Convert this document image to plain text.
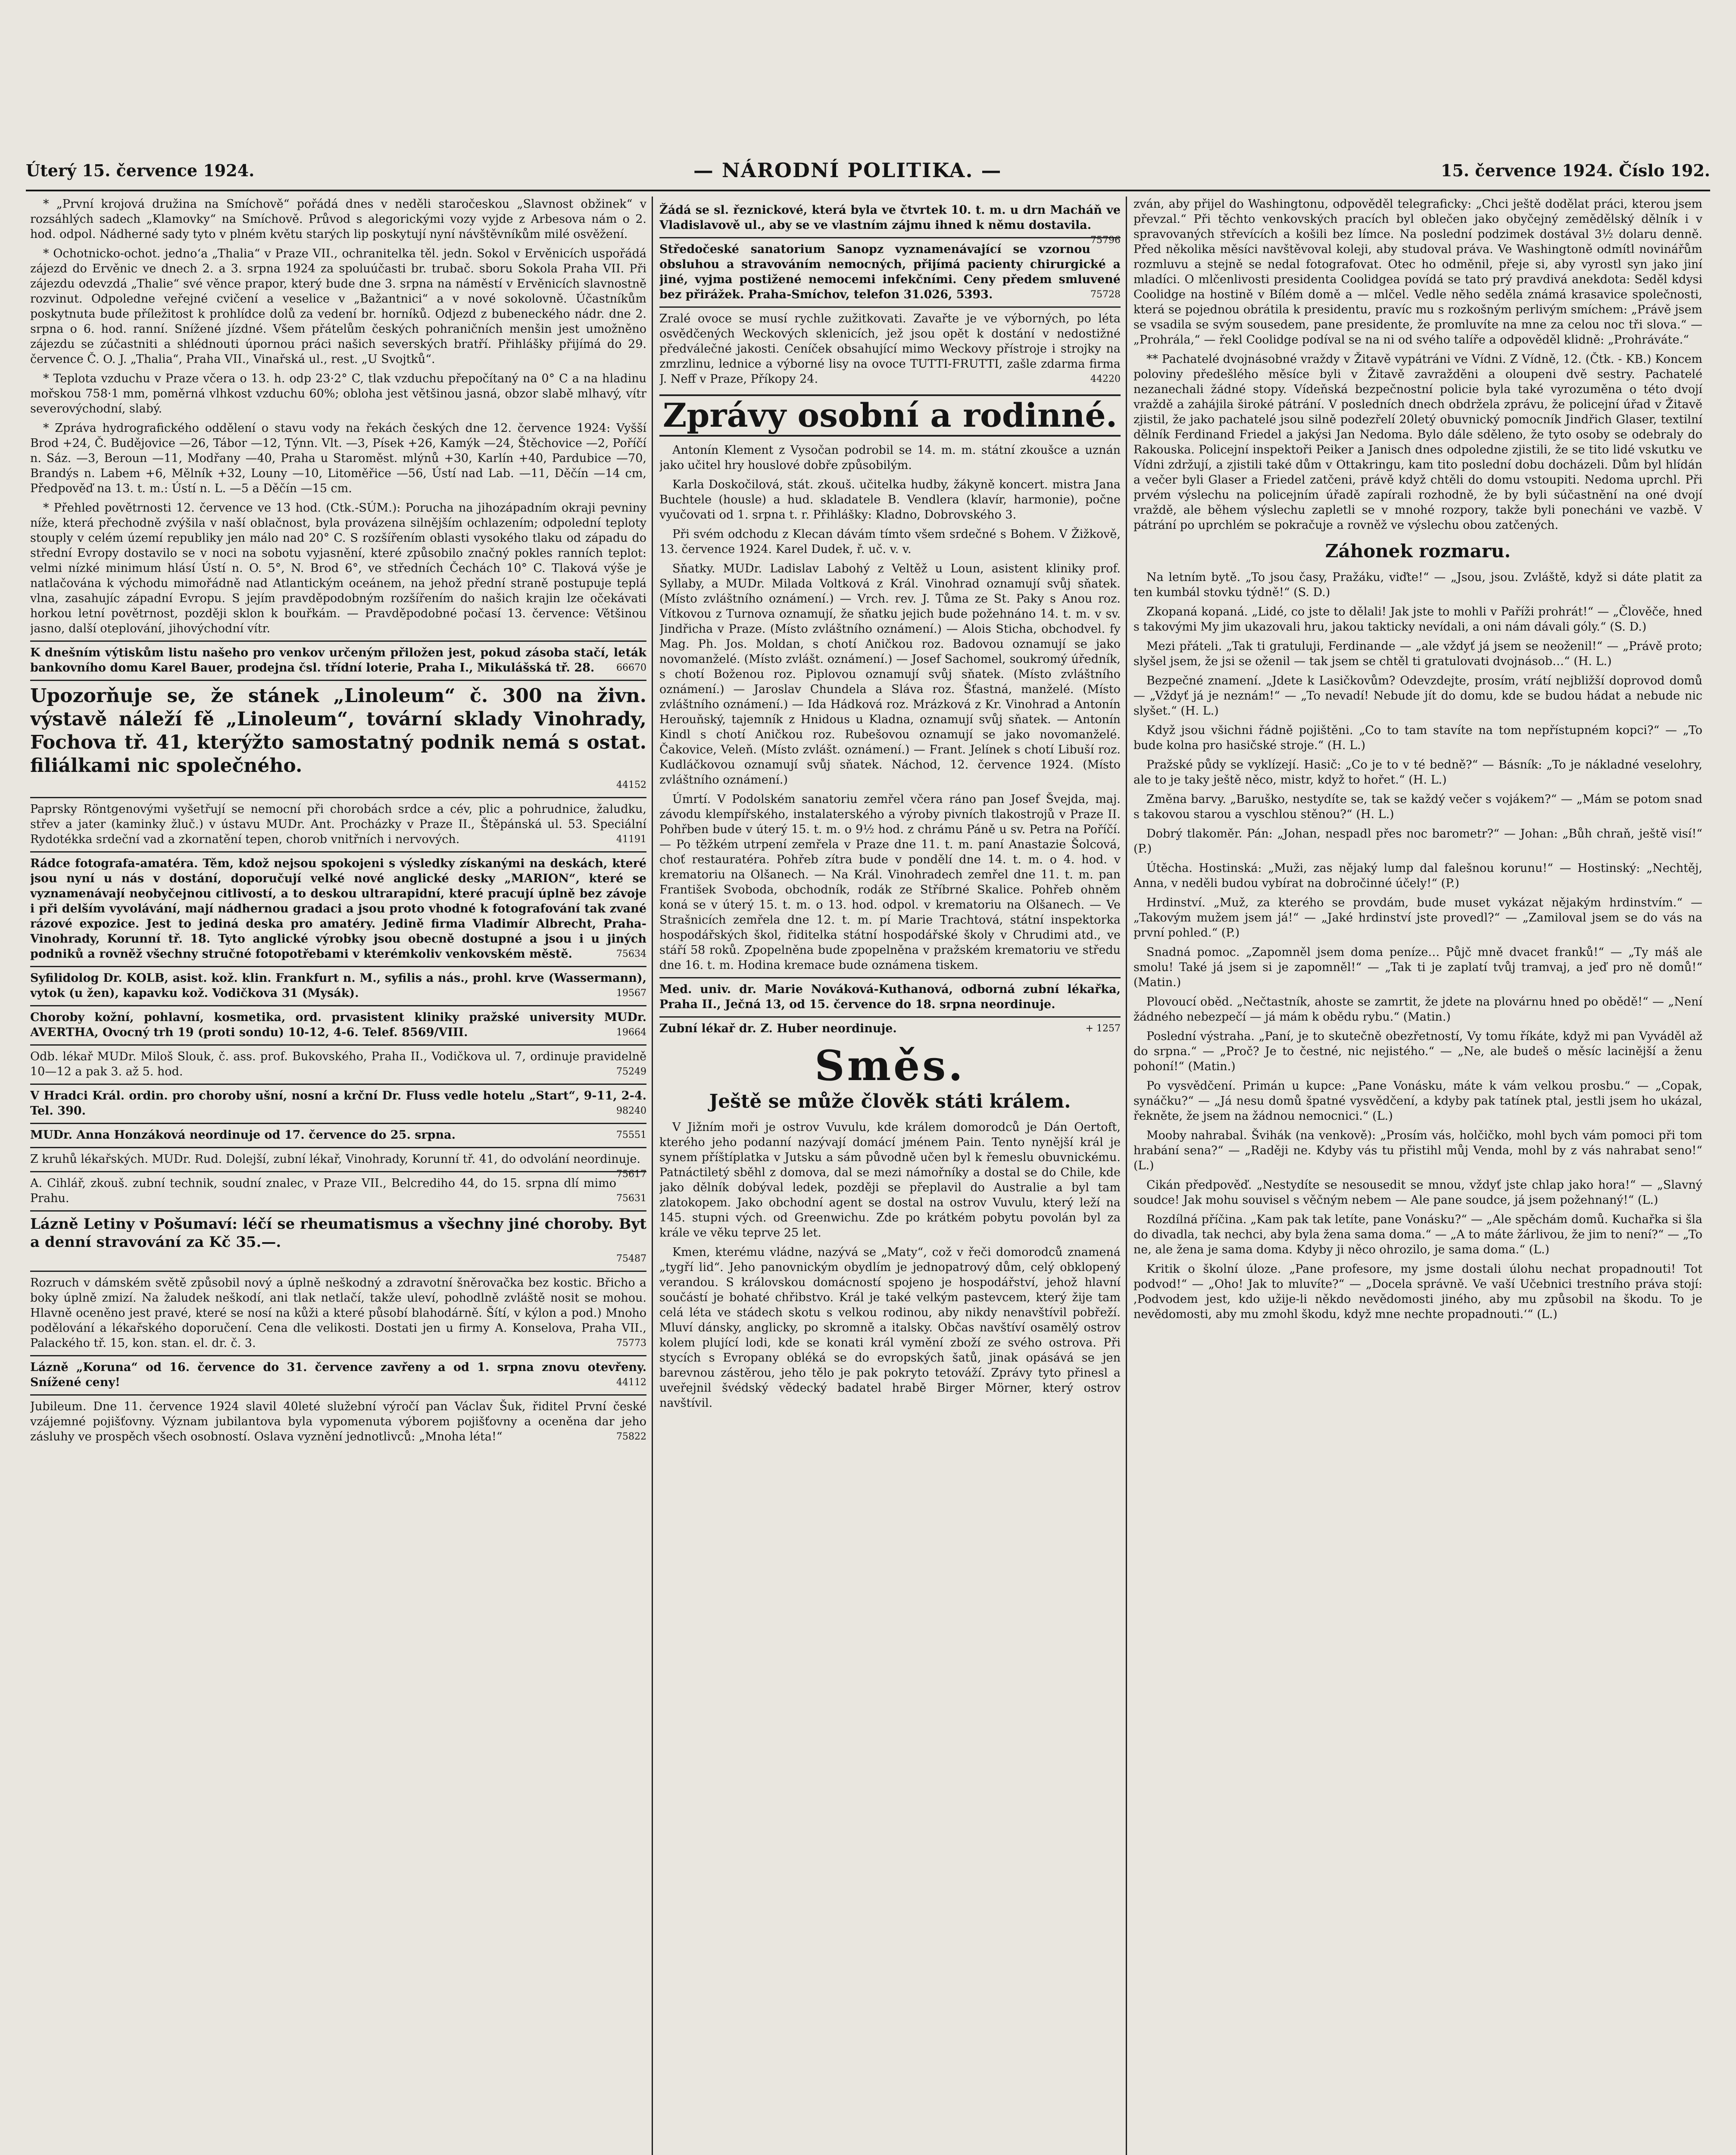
Úterý 15. července 1924.	— NÁRODNÍ POLITIKA. —	15. července 1924. Číslo 192.

* „První krojová družina na Smíchově“ pořádá dnes v neděli staročeskou „Slavnost obžinek“ v rozsáhlých sadech „Klamovky“ na Smíchově. Průvod s alegorickými vozy vyjde z Arbesova nám o 2. hod. odpol. Nádherné sady tyto v plném květu starých lip poskytují nyní návštěvníkům milé osvěžení.

* Ochotnicko-ochot. jedno‘a „Thalia“ v Praze VII., ochranitelka těl. jedn. Sokol v Ervěnicích uspořádá zájezd do Ervěnic ve dnech 2. a 3. srpna 1924 za spoluúčasti br. trubač. sboru Sokola Praha VII. Při zájezdu odevzdá „Thalie“ své věnce prapor, který bude dne 3. srpna na náměstí v Ervěnicích slavnostně rozvinut. Odpoledne veřejné cvičení a veselice v „Bažantnici“ a v nové sokolovně. Účastníkům poskytnuta bude příležitost k prohlídce dolů za vedení br. horníků. Odjezd z bubeneckého nádr. dne 2. srpna o 6. hod. ranní. Snížené jízdné. Všem přátelům českých pohraničních menšin jest umožněno zájezdu se zúčastniti a shlédnouti úpornou práci našich severských bratří. Přihlášky přijímá do 29. července Č. O. J. „Thalia“, Praha VII., Vinařská ul., rest. „U Svojtků“.

* Teplota vzduchu v Praze včera o 13. h. odp 23·2° C, tlak vzduchu přepočítaný na 0° C a na hladinu mořskou 758·1 mm, poměrná vlhkost vzduchu 60%; obloha jest většinou jasná, obzor slabě mlhavý, vítr severovýchodní, slabý.

* Zpráva hydrografického oddělení o stavu vody na řekách českých dne 12. července 1924: Vyšší Brod +24, Č. Budějovice —26, Tábor —12, Týnn. Vlt. —3, Písek +26, Kamýk —24, Štěchovice —2, Poříčí n. Sáz. —3, Beroun —11, Modřany —40, Praha u Staroměst. mlýnů +30, Karlín +40, Pardubice —70, Brandýs n. Labem +6, Mělník +32, Louny —10, Litoměřice —56, Ústí nad Lab. —11, Děčín —14 cm, Předpověď na 13. t. m.: Ústí n. L. —5 a Děčín —15 cm.

* Přehled povětrnosti 12. července ve 13 hod. (Ctk.-SÚM.): Porucha na jihozápadním okraji pevniny níže, která přechodně zvýšila v naší oblačnost, byla provázena silnějším ochlazením; odpolední teploty stouply v celém území republiky jen málo nad 20° C. S rozšířením oblasti vysokého tlaku od západu do střední Evropy dostavilo se v noci na sobotu vyjasnění, které způsobilo značný pokles ranních teplot: velmi nízké minimum hlásí Ústí n. O. 5°, N. Brod 6°, ve středních Čechách 10° C. Tlaková výše je natlačována k východu mimořádně nad Atlantickým oceánem, na jehož přední straně postupuje teplá vlna, zasahujíc západní Evropu. S jejím pravděpodobným rozšířením do našich krajin lze očekávati horkou letní povětrnost, později sklon k bouřkám. — Pravděpodobné počasí 13. července: Většinou jasno, další oteplování, jihovýchodní vítr.

K dnešním výtiskům listu našeho pro venkov určeným přiložen jest, pokud zásoba stačí, leták bankovního domu Karel Bauer, prodejna čsl. třídní loterie, Praha I., Mikulášská tř. 28. 66670
Upozorňuje se, že stánek „Linoleum“ č. 300 na živn. výstavě náleží fě „Linoleum“, tovární sklady Vinohrady, Fochova tř. 41, kterýžto samostatný podnik nemá s ostat. filiálkami nic společného.
44152
Paprsky Röntgenovými vyšetřují se nemocní při chorobách srdce a cév, plic a pohrudnice, žaludku, střev a jater (kaminky žluč.) v ústavu MUDr. Ant. Procházky v Praze II., Štěpánská ul. 53. Speciální Rydotékka srdeční vad a zkornatění tepen, chorob vnitřních i nervových.	41191
Rádce fotografa-amatéra. Těm, kdož nejsou spokojeni s výsledky získanými na deskách, které jsou nyní u nás v dostání, doporučují velké nové anglické desky „MARION“, které se vyznamenávají neobyčejnou citlivostí, a to deskou ultrarapidní, které pracují úplně bez závoje i při delším vyvolávání, mají nádhernou gradaci a jsou proto vhodné k fotografování tak zvané rázové expozice. Jest to jediná deska pro amatéry. Jedině firma Vladimír Albrecht, Praha-Vinohrady, Korunní tř. 18. Tyto anglické výrobky jsou obecně dostupné a jsou i u jiných podniků a rovněž všechny stručné fotopotřebami v kterémkoliv venkovském městě.	75634
Syfilidolog Dr. KOLB, asist. kož. klin. Frankfurt n. M., syfilis a nás., prohl. krve (Wassermann), vytok (u žen), kapavku kož. Vodičkova 31 (Mysák).	19567
Choroby kožní, pohlavní, kosmetika, ord. prvasistent kliniky pražské university MUDr. AVERTHA, Ovocný trh 19 (proti sondu) 10-12, 4-6. Telef. 8569/VIII.	19664
Odb. lékař MUDr. Miloš Slouk, č. ass. prof. Bukovského, Praha II., Vodičkova ul. 7, ordinuje pravidelně 10—12 a pak 3. až 5. hod.	75249
V Hradci Král. ordin. pro choroby ušní, nosní a krční Dr. Fluss vedle hotelu „Start“, 9-11, 2-4. Tel. 390.	98240
MUDr. Anna Honzáková neordinuje od 17. července do 25. srpna.	75551
Z kruhů lékařských. MUDr. Rud. Dolejší, zubní lékař, Vinohrady, Korunní tř. 41, do odvolání neordinuje.
75617
A. Cihlář, zkouš. zubní technik, soudní znalec, v Praze VII., Belcrediho 44, do 15. srpna dlí mimo Prahu.	75631
Lázně Letiny v Pošumaví: léčí se rheumatismus a všechny jiné choroby. Byt a denní stravování za Kč 35.—.
75487
Rozruch v dámském světě způsobil nový a úplně neškodný a zdravotní šněrovačka bez kostic. Břicho a boky úplně zmizí. Na žaludek neškodí, ani tlak netlačí, takže uleví, pohodlně zvláště nosit se mohou. Hlavně oceněno jest pravé, které se nosí na kůži a které působí blahodárně. Šítí, v kýlon a pod.) Mnoho podělování a lékařského doporučení. Cena dle velikosti. Dostati jen u firmy A. Konselova, Praha VII., Palackého tř. 15, kon. stan. el. dr. č. 3.	75773
Lázně „Koruna“ od 16. července do 31. července zavřeny a od 1. srpna znovu otevřeny. Snížené ceny!	44112
Jubileum. Dne 11. července 1924 slavil 40leté služební výročí pan Václav Šuk, řiditel První české vzájemné pojišťovny. Význam jubilantova byla vypomenuta výborem pojišťovny a oceněna dar jeho zásluhy ve prospěch všech osobností. Oslava vyznění jednotlivců: „Mnoha léta!“	75822
Žádá se sl. řeznickové, která byla ve čtvrtek 10. t. m. u drn Macháň ve Vladislavově ul., aby se ve vlastním zájmu ihned k němu dostavila.
75796
Středočeské sanatorium Sanopz vyznamenávající se vzornou obsluhou a stravováním nemocných, přijímá pacienty chirurgické a jiné, vyjma postižené nemocemi infekčními. Ceny předem smluvené bez přirážek. Praha-Smíchov, telefon 31.026, 5393.	75728
Zralé ovoce se musí rychle zužitkovati. Zavařte je ve výborných, po léta osvědčených Weckových sklenicích, jež jsou opět k dostání v nedostižné předválečné jakosti. Ceníček obsahující mimo Weckovy přístroje i strojky na zmrzlinu, lednice a výborné lisy na ovoce TUTTI-FRUTTI, zašle zdarma firma J. Neff v Praze, Příkopy 24.	44220
Zprávy osobní a rodinné.

Antonín Klement z Vysočan podrobil se 14. m. m. státní zkoušce a uznán jako učitel hry houslové dobře způsobilým.

Karla Doskočilová, stát. zkouš. učitelka hudby, žákyně koncert. mistra Jana Buchtele (housle) a hud. skladatele B. Vendlera (klavír, harmonie), počne vyučovati od 1. srpna t. r. Přihlášky: Kladno, Dobrovského 3.

Při svém odchodu z Klecan dávám tímto všem srdečné s Bohem. V Žižkově, 13. července 1924. Karel Dudek, ř. uč. v. v.

Sňatky. MUDr. Ladislav Labohý z Veltěž u Loun, asistent kliniky prof. Syllaby, a MUDr. Milada Voltková z Král. Vinohrad oznamují svůj sňatek. (Místo zvláštního oznámení.) — Vrch. rev. J. Tůma ze St. Paky s Anou roz. Vítkovou z Turnova oznamují, že sňatku jejich bude požehnáno 14. t. m. v sv. Jindřicha v Praze. (Místo zvláštního oznámení.) — Alois Sticha, obchodvel. fy Mag. Ph. Jos. Moldan, s chotí Aničkou roz. Badovou oznamují se jako novomanželé. (Místo zvlášt. oznámení.) — Josef Sachomel, soukromý úředník, s chotí Boženou roz. Piplovou oznamují svůj sňatek. (Místo zvláštního oznámení.) — Jaroslav Chundela a Sláva roz. Šťastná, manželé. (Místo zvláštního oznámení.) — Ida Hádková roz. Mrázková z Kr. Vinohrad a Antonín Herouňský, tajemník z Hnidous u Kladna, oznamují svůj sňatek. — Antonín Kindl s chotí Aničkou roz. Rubešovou oznamují se jako novomanželé. Čakovice, Veleň. (Místo zvlášt. oznámení.) — Frant. Jelínek s chotí Libuší roz. Kudláčkovou oznamují svůj sňatek. Náchod, 12. července 1924. (Místo zvláštního oznámení.)

Úmrtí. V Podolském sanatoriu zemřel včera ráno pan Josef Švejda, maj. závodu klempířského, instalaterského a výroby pivních tlakostrojů v Praze II. Pohřben bude v úterý 15. t. m. o 9½ hod. z chrámu Páně u sv. Petra na Poříčí. — Po těžkém utrpení zemřela v Praze dne 11. t. m. paní Anastazie Šolcová, choť restauratéra. Pohřeb zítra bude v pondělí dne 14. t. m. o 4. hod. v krematoriu na Olšanech. — Na Král. Vinohradech zemřel dne 11. t. m. pan František Svoboda, obchodník, rodák ze Stříbrné Skalice. Pohřeb ohněm koná se v úterý 15. t. m. o 13. hod. odpol. v krematoriu na Olšanech. — Ve Strašnicích zemřela dne 12. t. m. pí Marie Trachtová, státní inspektorka hospodářských škol, řiditelka státní hospodářské školy v Chrudimi atd., ve stáří 58 roků. Zpopelněna bude zpopelněna v pražském krematoriu ve středu dne 16. t. m. Hodina kremace bude oznámena tiskem.

Med. univ. dr. Marie Nováková-Kuthanová, odborná zubní lékařka, Praha II., Ječná 13, od 15. července do 18. srpna neordinuje.
Zubní lékař dr. Z. Huber neordinuje.	+ 1257
Směs.
Ještě se může člověk státi králem.

V Jižním moři je ostrov Vuvulu, kde králem domorodců je Dán Oertoft, kterého jeho podanní nazývají domácí jménem Pain. Tento nynější král je synem příštíplatka v Jutsku a sám původně učen byl k řemeslu obuvnickému. Patnáctiletý sběhl z domova, dal se mezi námořníky a dostal se do Chile, kde jako dělník dobýval ledek, později se přeplavil do Australie a byl tam zlatokopem. Jako obchodní agent se dostal na ostrov Vuvulu, který leží na 145. stupni vých. od Greenwichu. Zde po krátkém pobytu povolán byl za krále ve věku teprve 25 let.

Kmen, kterému vládne, nazývá se „Maty“, což v řeči domorodců znamená „tygří lid“. Jeho panovnickým obydlím je jednopatrový dům, celý obklopený verandou. S královskou domácností spojeno je hospodářství, jehož hlavní součástí je bohaté chřibstvo. Král je také velkým pastevcem, který žije tam celá léta ve stádech skotu s velkou rodinou, aby nikdy nenavštívil pobřeží. Mluví dánsky, anglicky, po skromně a italsky. Občas navštíví osamělý ostrov kolem plující lodi, kde se konati král vymění zboží ze svého ostrova. Při stycích s Evropany obléká se do evropských šatů, jinak opásává se jen barevnou zástěrou, jeho tělo je pak pokryto tetováží. Zprávy tyto přinesl a uveřejnil švédský vědecký badatel hrabě Birger Mörner, který ostrov navštívil.

zván, aby přijel do Washingtonu, odpověděl telegraficky: „Chci ještě dodělat práci, kterou jsem převzal.“ Při těchto venkovských pracích byl oblečen jako obyčejný zemědělský dělník i v spravovaných střevících a košili bez límce. Na poslední podzimek dostával 3½ dolaru denně. Před několika měsíci navštěvoval koleji, aby studoval práva. Ve Washingtoně odmítl novinářům rozmluvu a stejně se nedal fotografovat. Otec ho odměnil, přeje si, aby vyrostl syn jako jiní mladíci. O mlčenlivosti presidenta Coolidgea povídá se tato prý pravdivá anekdota: Seděl kdysi Coolidge na hostině v Bílém domě a — mlčel. Vedle něho seděla známá krasavice společnosti, která se pojednou obrátila k presidentu, pravíc mu s rozkošným perlivým smíchem: „Právě jsem se vsadila se svým sousedem, pane presidente, že promluvíte na mne za celou noc tři slova.“ — „Prohrála,“ — řekl Coolidge podíval se na ni od svého talíře a odpověděl klidně: „Prohráváte.“

** Pachatelé dvojnásobné vraždy v Žitavě vypátráni ve Vídni. Z Vídně, 12. (Čtk. - KB.) Koncem poloviny předešlého měsíce byli v Žitavě zavražděni a oloupeni dvě sestry. Pachatelé nezanechali žádné stopy. Vídeňská bezpečnostní policie byla také vyrozuměna o této dvojí vraždě a zahájila široké pátrání. V posledních dnech obdržela zprávu, že policejní úřad v Žitavě zjistil, že jako pachatelé jsou silně podezřelí 20letý obuvnický pomocník Jindřich Glaser, textilní dělník Ferdinand Friedel a jakýsi Jan Nedoma. Bylo dále sděleno, že tyto osoby se odebraly do Rakouska. Policejní inspektoři Peiker a Janisch dnes odpoledne zjistili, že se tito lidé vskutku ve Vídni zdržují, a zjistili také dům v Ottakringu, kam tito poslední dobu docházeli. Dům byl hlídán a večer byli Glaser a Friedel zatčeni, právě když chtěli do domu vstoupiti. Nedoma uprchl. Při prvém výslechu na policejním úřadě zapírali rozhodně, že by byli súčastnění na oné dvojí vraždě, ale během výslechu zapletli se v mnohé rozpory, takže byli ponecháni ve vazbě. V pátrání po uprchlém se pokračuje a rovněž ve výslechu obou zatčených.

Záhonek rozmaru.

Na letním bytě. „To jsou časy, Pražáku, viďte!“ — „Jsou, jsou. Zvláště, když si dáte platit za ten kumbál stovku týdně!“ (S. D.)

Zkopaná kopaná. „Lidé, co jste to dělali! Jak jste to mohli v Paříži prohrát!“ — „Člověče, hned s takovými My jim ukazovali hru, jakou takticky nevídali, a oni nám dávali góly.“ (S. D.)

Mezi přáteli. „Tak ti gratuluji, Ferdinande — „ale vždyť já jsem se neoženil!“ — „Právě proto; slyšel jsem, že jsi se oženil — tak jsem se chtěl ti gratulovati dvojnásob…“ (H. L.)

Bezpečné znamení. „Jdete k Lasičkovům? Odevzdejte, prosím, vrátí nejbližší doprovod domů — „Vždyť já je neznám!“ — „To nevadí! Nebude jít do domu, kde se budou hádat a nebude nic slyšet.“ (H. L.)

Když jsou všichni řádně pojištěni. „Co to tam stavíte na tom nepřístupném kopci?“ — „To bude kolna pro hasičské stroje.“ (H. L.)

Pražské půdy se vyklízejí. Hasič: „Co je to v té bedně?“ — Básník: „To je nákladné veselohry, ale to je taky ještě něco, mistr, když to hořet.“ (H. L.)

Změna barvy. „Baruško, nestydíte se, tak se každý večer s vojákem?“ — „Mám se potom snad s takovou starou a vyschlou stěnou?“ (H. L.)

Dobrý tlakoměr. Pán: „Johan, nespadl přes noc barometr?“ — Johan: „Bůh chraň, ještě visí!“ (P.)

Útěcha. Hostinská: „Muži, zas nějaký lump dal falešnou korunu!“ — Hostinský: „Nechtěj, Anna, v neděli budou vybírat na dobročinné účely!“ (P.)

Hrdinství. „Muž, za kterého se provdám, bude muset vykázat nějakým hrdinstvím.“ — „Takovým mužem jsem já!“ — „Jaké hrdinství jste provedl?“ — „Zamiloval jsem se do vás na první pohled.“ (P.)

Snadná pomoc. „Zapomněl jsem doma peníze… Půjč mně dvacet franků!“ — „Ty máš ale smolu! Také já jsem si je zapomněl!“ — „Tak ti je zaplatí tvůj tramvaj, a jeď pro ně domů!“ (Matin.)

Plovoucí oběd. „Nečtastník, ahoste se zamrtit, že jdete na plovárnu hned po obědě!“ — „Není žádného nebezpečí — já mám k obědu rybu.“ (Matin.)

Poslední výstraha. „Paní, je to skutečně obezřetností, Vy tomu říkáte, když mi pan Vyváděl až do srpna.“ — „Proč? Je to čestné, nic nejistého.“ — „Ne, ale budeš o měsíc lacinější a ženu pohoní!“ (Matin.)

Po vysvědčení. Primán u kupce: „Pane Vonásku, máte k vám velkou prosbu.“ — „Copak, synáčku?“ — „Já nesu domů špatné vysvědčení, a kdyby pak tatínek ptal, jestli jsem ho ukázal, řekněte, že jsem na žádnou nemocnici.“ (L.)

Mooby nahrabal. Švihák (na venkově): „Prosím vás, holčičko, mohl bych vám pomoci při tom hrabání sena?“ — „Raději ne. Kdyby vás tu přistihl můj Venda, mohl by z vás nahrabat seno!“ (L.)

Cikán předpověď. „Nestydíte se nesousedit se mnou, vždyť jste chlap jako hora!“ — „Slavný soudce! Jak mohu souvisel s věčným nebem — Ale pane soudce, já jsem požehnaný!“ (L.)

Rozdílná příčina. „Kam pak tak letíte, pane Vonásku?“ — „Ale spěchám domů. Kuchařka si šla do divadla, tak nechci, aby byla žena sama doma.“ — „A to máte žárlivou, že jim to není?“ — „To ne, ale žena je sama doma. Kdyby ji něco ohrozilo, je sama doma.“ (L.)

Kritik o školní úloze. „Pane profesore, my jsme dostali úlohu nechat propadnouti! Tot podvod!“ — „Oho! Jak to mluvíte?“ — „Docela správně. Ve vaší Učebnici trestního práva stojí: ,Podvodem jest, kdo užije-li někdo nevědomosti jiného, aby mu způsobil na škodu. To je nevědomosti, aby mu zmohl škodu, když mne nechte propadnouti.‘“ (L.)
